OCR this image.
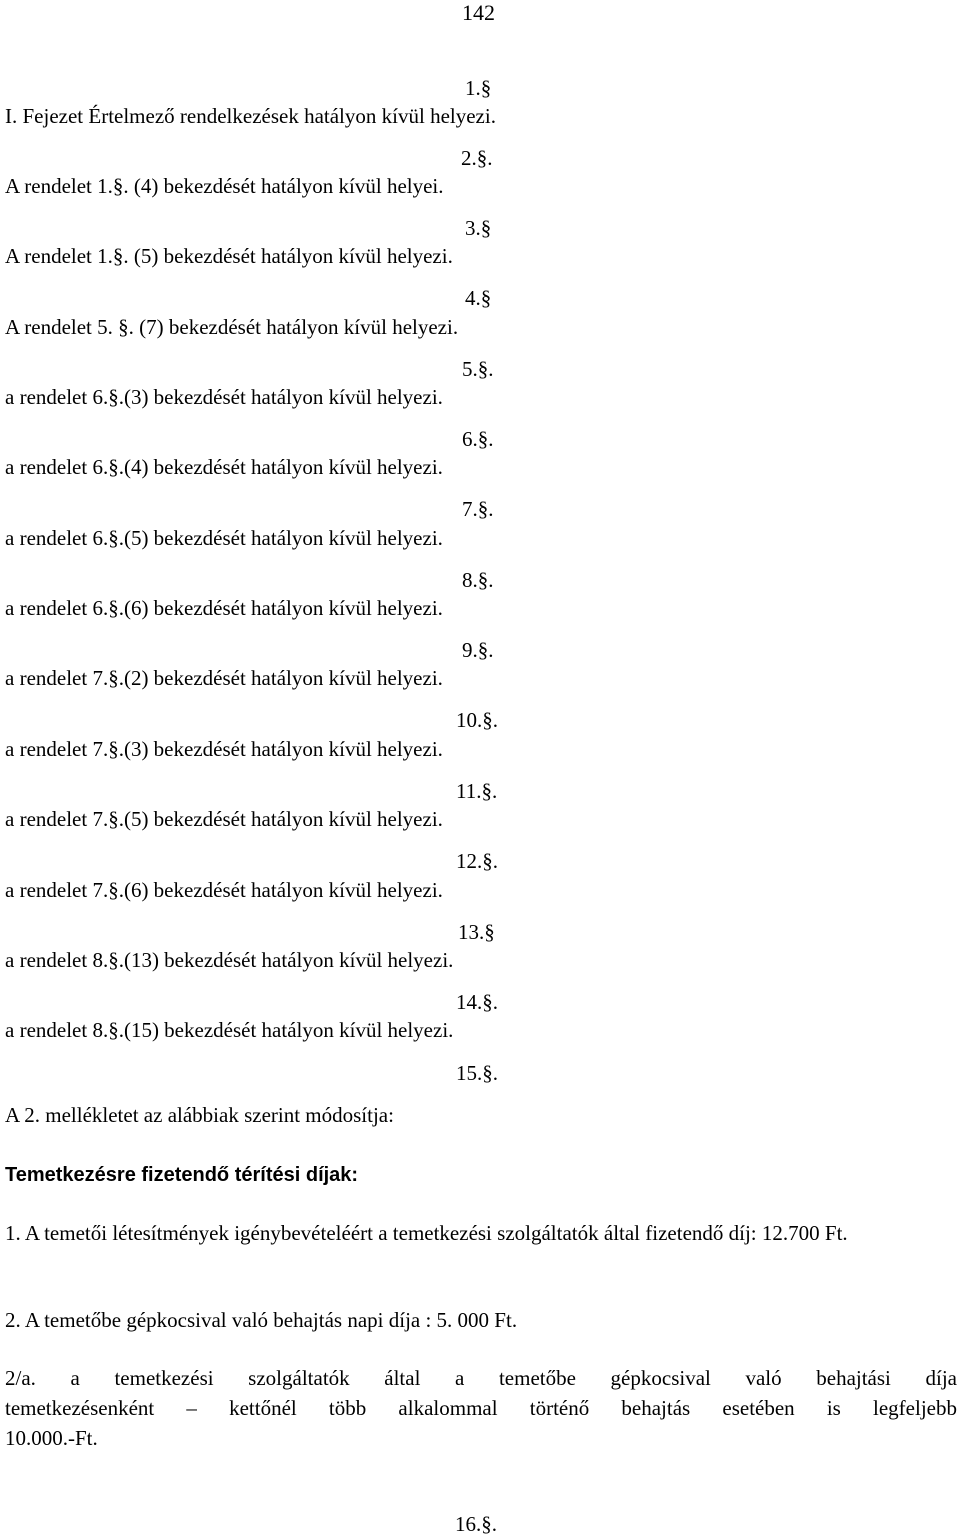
142
1.§
I. Fejezet Értelmező rendelkezések hatályon kívül helyezi.
2.§.
A rendelet 1.§. (4) bekezdését hatályon kívül helyei.
3.§
A rendelet 1.§. (5) bekezdését hatályon kívül helyezi.
4.§
A rendelet 5. §. (7) bekezdését hatályon kívül helyezi.
5.§.
a rendelet 6.§.(3) bekezdését hatályon kívül helyezi.
6.§.
a rendelet 6.§.(4) bekezdését hatályon kívül helyezi.
7.§.
a rendelet 6.§.(5) bekezdését hatályon kívül helyezi.
8.§.
a rendelet 6.§.(6) bekezdését hatályon kívül helyezi.
9.§.
a rendelet 7.§.(2) bekezdését hatályon kívül helyezi.
10.§.
a rendelet 7.§.(3) bekezdését hatályon kívül helyezi.
11.§.
a rendelet 7.§.(5) bekezdését hatályon kívül helyezi.
12.§.
a rendelet 7.§.(6) bekezdését hatályon kívül helyezi.
13.§
a rendelet 8.§.(13) bekezdését hatályon kívül helyezi.
14.§.
a rendelet 8.§.(15) bekezdését hatályon kívül helyezi.
15.§.
A 2. mellékletet az alábbiak szerint módosítja:
Temetkezésre fizetendő térítési díjak:
1. A temetői létesítmények igénybevételéért a temetkezési szolgáltatók által fizetendő díj: 12.700 Ft.
2. A temetőbe gépkocsival való behajtás napi díja : 5. 000 Ft.
2/a. a temetkezési szolgáltatók által a temetőbe gépkocsival való behajtási díja
temetkezésenként – kettőnél több alkalommal történő behajtás esetében is legfeljebb
10.000.-Ft.
16.§.
